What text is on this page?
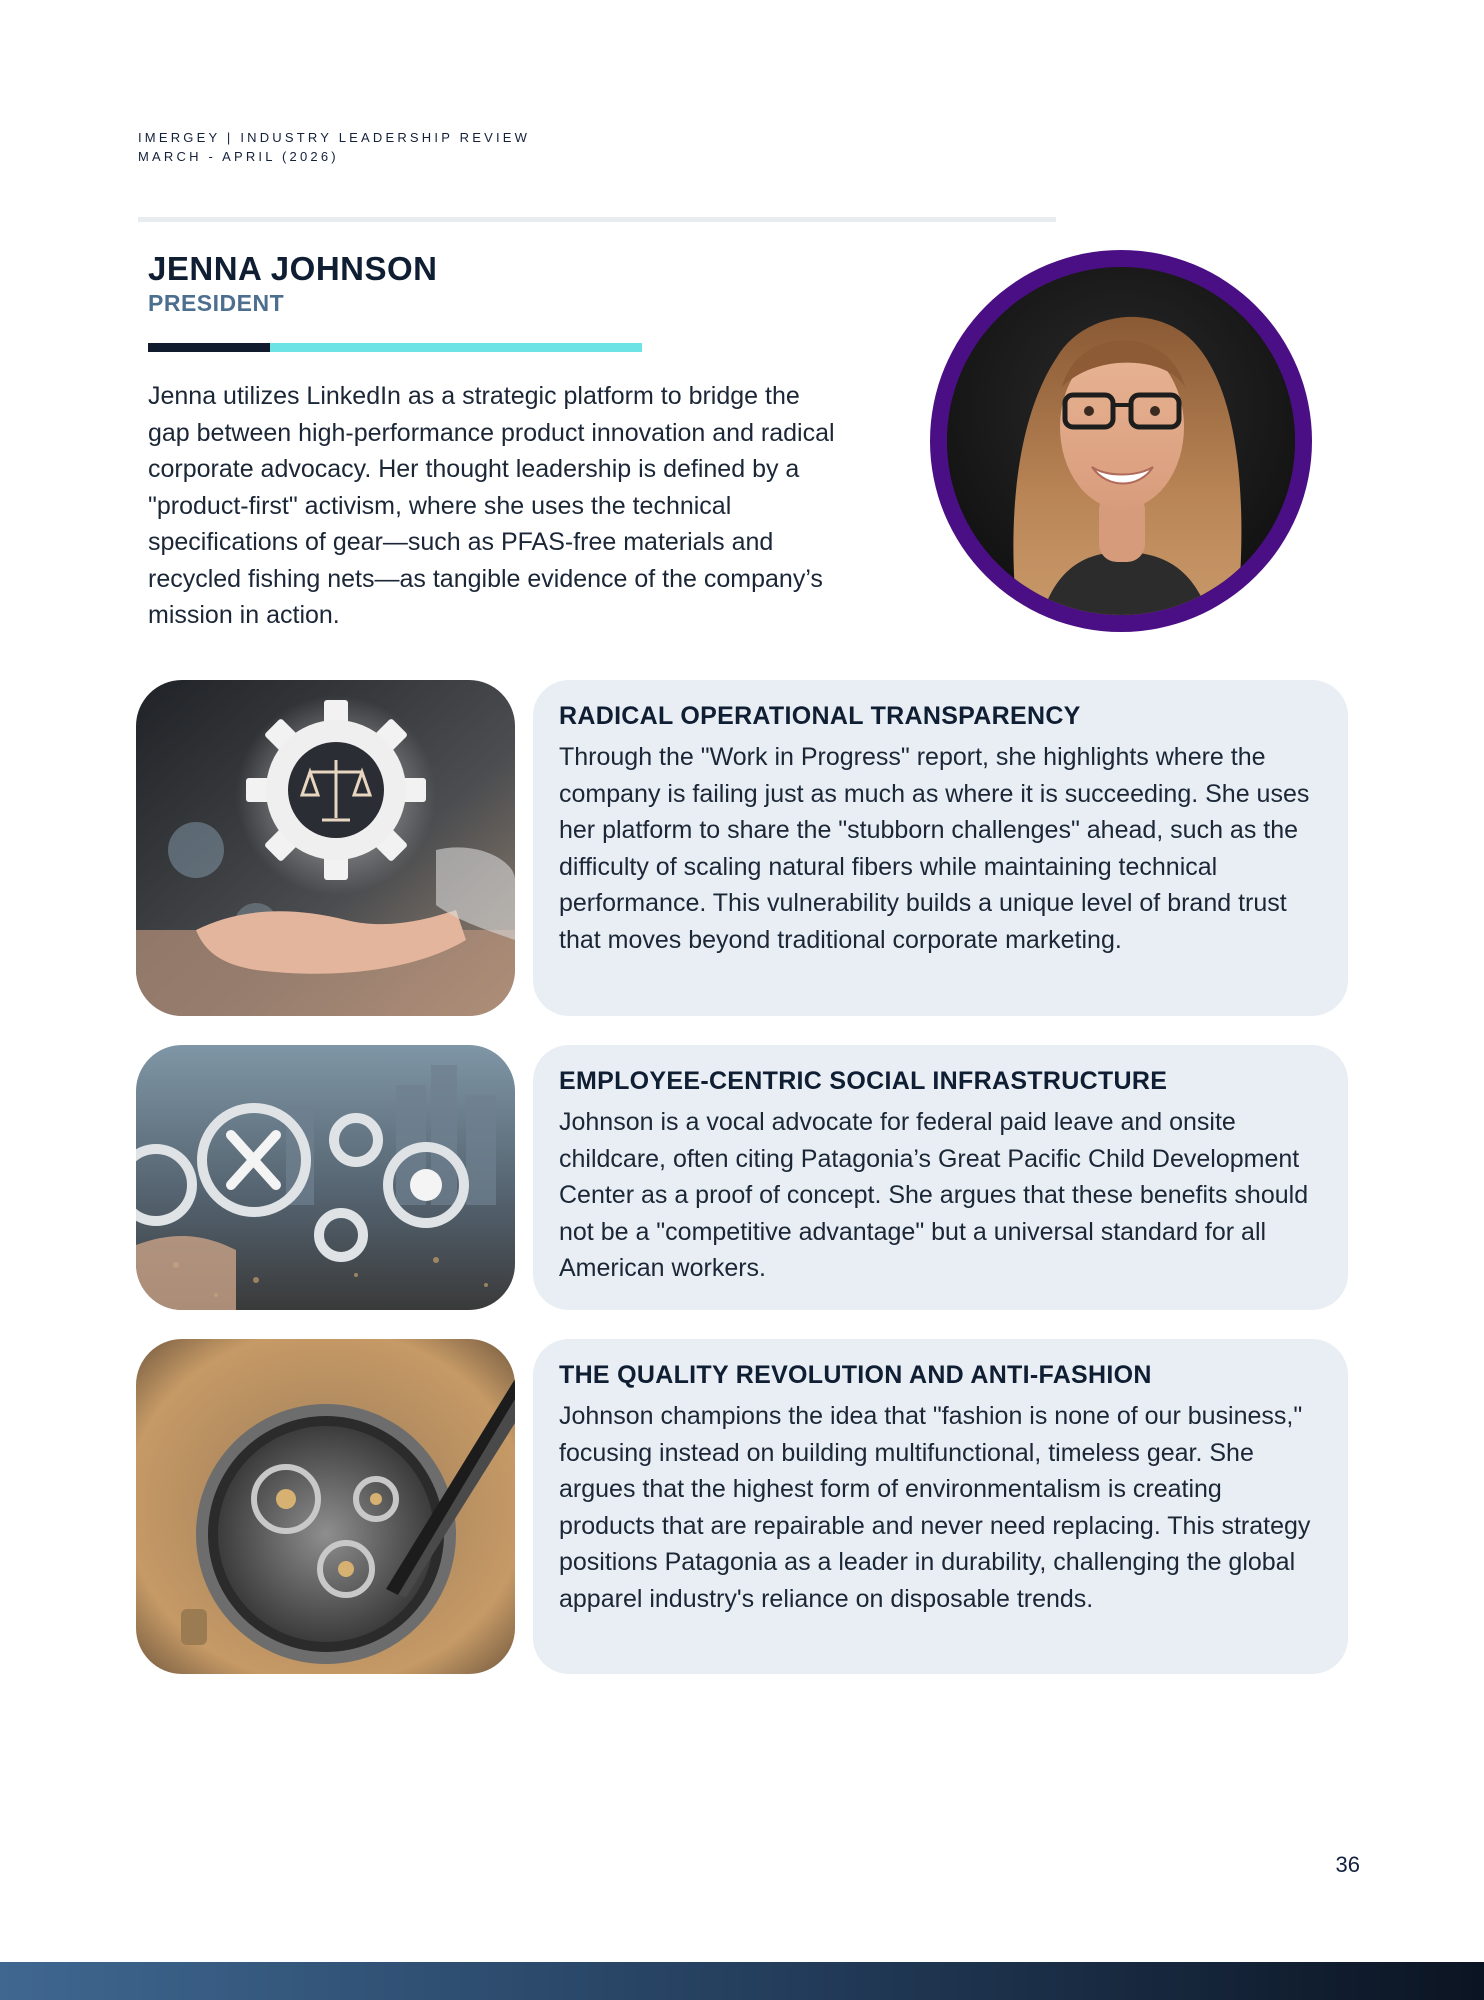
IMERGEY | INDUSTRY LEADERSHIP REVIEW
MARCH - APRIL (2026)
JENNA JOHNSON
PRESIDENT

Jenna utilizes LinkedIn as a strategic platform to bridge the gap between high-performance product innovation and radical corporate advocacy. Her thought leadership is defined by a "product-first" activism, where she uses the technical specifications of gear—such as PFAS-free materials and recycled fishing nets—as tangible evidence of the company’s mission in action.

RADICAL OPERATIONAL TRANSPARENCY

Through the "Work in Progress" report, she highlights where the company is failing just as much as where it is succeeding. She uses her platform to share the "stubborn challenges" ahead, such as the difficulty of scaling natural fibers while maintaining technical performance. This vulnerability builds a unique level of brand trust that moves beyond traditional corporate marketing.

EMPLOYEE-CENTRIC SOCIAL INFRASTRUCTURE

Johnson is a vocal advocate for federal paid leave and onsite childcare, often citing Patagonia’s Great Pacific Child Development Center as a proof of concept. She argues that these benefits should not be a "competitive advantage" but a universal standard for all American workers.

THE QUALITY REVOLUTION AND ANTI-FASHION

Johnson champions the idea that "fashion is none of our business," focusing instead on building multifunctional, timeless gear. She argues that the highest form of environmentalism is creating products that are repairable and never need replacing. This strategy positions Patagonia as a leader in durability, challenging the global apparel industry's reliance on disposable trends.

36
